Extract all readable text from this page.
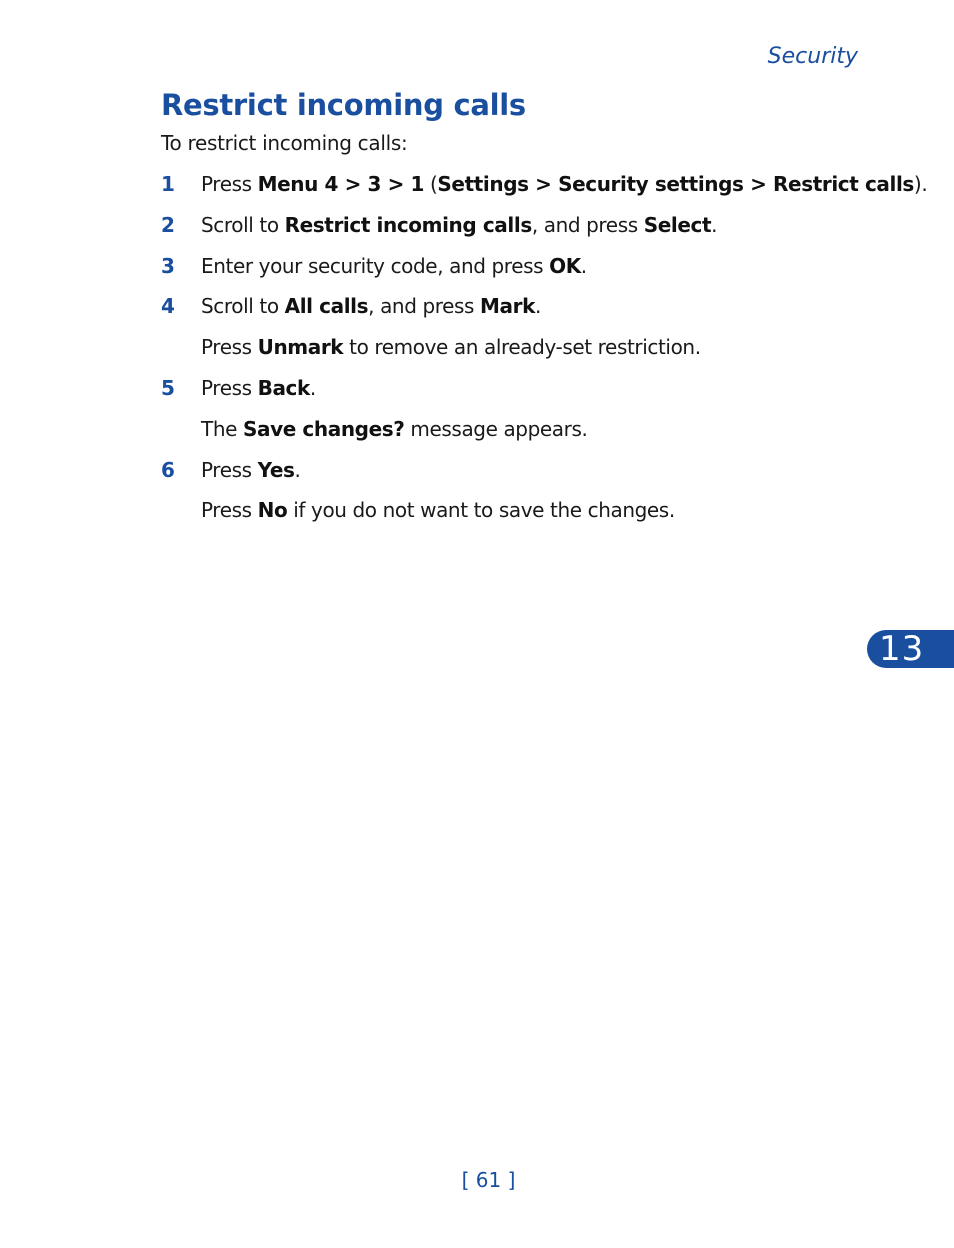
Security
Restrict incoming calls
To restrict incoming calls:
1	Press Menu 4 > 3 > 1 (Settings > Security settings > Restrict calls).
2	Scroll to Restrict incoming calls, and press Select.
3	Enter your security code, and press OK.
4	Scroll to All calls, and press Mark.
Press Unmark to remove an already-set restriction.
5	Press Back.
The Save changes? message appears.
6	Press Yes.
Press No if you do not want to save the changes.
13
[ 61 ]
